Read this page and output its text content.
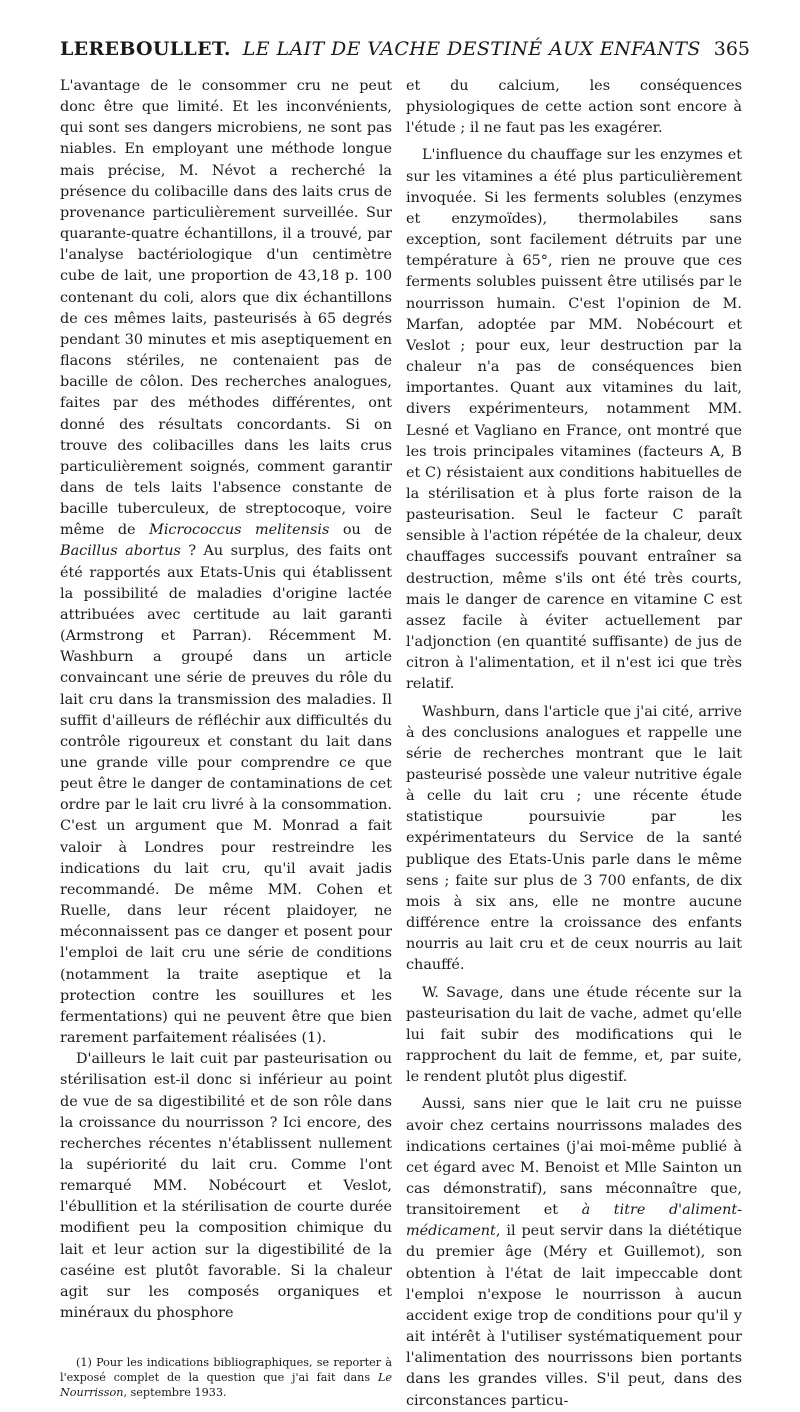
LEREBOULLET. LE LAIT DE VACHE DESTINÉ AUX ENFANTS 365

L'avantage de le consommer cru ne peut donc être que limité. Et les inconvénients, qui sont ses dangers microbiens, ne sont pas niables. En employant une méthode longue mais précise, M. Névot a recherché la présence du colibacille dans des laits crus de provenance particulièrement surveillée. Sur quarante-quatre échantillons, il a trouvé, par l'analyse bactériologique d'un centimètre cube de lait, une proportion de 43,18 p. 100 contenant du coli, alors que dix échantillons de ces mêmes laits, pasteurisés à 65 degrés pendant 30 minutes et mis aseptiquement en flacons stériles, ne contenaient pas de bacille de côlon. Des recherches analogues, faites par des méthodes différentes, ont donné des résultats concordants. Si on trouve des colibacilles dans les laits crus particulièrement soignés, comment garantir dans de tels laits l'absence constante de bacille tuberculeux, de streptocoque, voire même de Micrococcus melitensis ou de Bacillus abortus ? Au surplus, des faits ont été rapportés aux Etats-Unis qui établissent la possibilité de maladies d'origine lactée attribuées avec certitude au lait garanti (Armstrong et Parran). Récemment M. Washburn a groupé dans un article convaincant une série de preuves du rôle du lait cru dans la transmission des maladies. Il suffit d'ailleurs de réfléchir aux difficultés du contrôle rigoureux et constant du lait dans une grande ville pour comprendre ce que peut être le danger de contaminations de cet ordre par le lait cru livré à la consommation. C'est un argument que M. Monrad a fait valoir à Londres pour restreindre les indications du lait cru, qu'il avait jadis recommandé. De même MM. Cohen et Ruelle, dans leur récent plaidoyer, ne méconnaissent pas ce danger et posent pour l'emploi de lait cru une série de conditions (notamment la traite aseptique et la protection contre les souillures et les fermentations) qui ne peuvent être que bien rarement parfaitement réalisées (1).

D'ailleurs le lait cuit par pasteurisation ou stérilisation est-il donc si inférieur au point de vue de sa digestibilité et de son rôle dans la croissance du nourrisson ? Ici encore, des recherches récentes n'établissent nullement la supériorité du lait cru. Comme l'ont remarqué MM. Nobécourt et Veslot, l'ébullition et la stérilisation de courte durée modifient peu la composition chimique du lait et leur action sur la digestibilité de la caséine est plutôt favorable. Si la chaleur agit sur les composés organiques et minéraux du phosphore

(1) Pour les indications bibliographiques, se reporter à l'exposé complet de la question que j'ai fait dans Le Nourrisson, septembre 1933.

et du calcium, les conséquences physiologiques de cette action sont encore à l'étude ; il ne faut pas les exagérer.

L'influence du chauffage sur les enzymes et sur les vitamines a été plus particulièrement invoquée. Si les ferments solubles (enzymes et enzymoïdes), thermolabiles sans exception, sont facilement détruits par une température à 65°, rien ne prouve que ces ferments solubles puissent être utilisés par le nourrisson humain. C'est l'opinion de M. Marfan, adoptée par MM. Nobécourt et Veslot ; pour eux, leur destruction par la chaleur n'a pas de conséquences bien importantes. Quant aux vitamines du lait, divers expérimenteurs, notamment MM. Lesné et Vagliano en France, ont montré que les trois principales vitamines (facteurs A, B et C) résistaient aux conditions habituelles de la stérilisation et à plus forte raison de la pasteurisation. Seul le facteur C paraît sensible à l'action répétée de la chaleur, deux chauffages successifs pouvant entraîner sa destruction, même s'ils ont été très courts, mais le danger de carence en vitamine C est assez facile à éviter actuellement par l'adjonction (en quantité suffisante) de jus de citron à l'alimentation, et il n'est ici que très relatif.

Washburn, dans l'article que j'ai cité, arrive à des conclusions analogues et rappelle une série de recherches montrant que le lait pasteurisé possède une valeur nutritive égale à celle du lait cru ; une récente étude statistique poursuivie par les expérimentateurs du Service de la santé publique des Etats-Unis parle dans le même sens ; faite sur plus de 3 700 enfants, de dix mois à six ans, elle ne montre aucune différence entre la croissance des enfants nourris au lait cru et de ceux nourris au lait chauffé.

W. Savage, dans une étude récente sur la pasteurisation du lait de vache, admet qu'elle lui fait subir des modifications qui le rapprochent du lait de femme, et, par suite, le rendent plutôt plus digestif.

Aussi, sans nier que le lait cru ne puisse avoir chez certains nourrissons malades des indications certaines (j'ai moi-même publié à cet égard avec M. Benoist et Mlle Sainton un cas démonstratif), sans méconnaître que, transitoirement et à titre d'aliment-médicament, il peut servir dans la diététique du premier âge (Méry et Guillemot), son obtention à l'état de lait impeccable dont l'emploi n'expose le nourrisson à aucun accident exige trop de conditions pour qu'il y ait intérêt à l'utiliser systématiquement pour l'alimentation des nourrissons bien portants dans les grandes villes. S'il peut, dans des circonstances particu-
